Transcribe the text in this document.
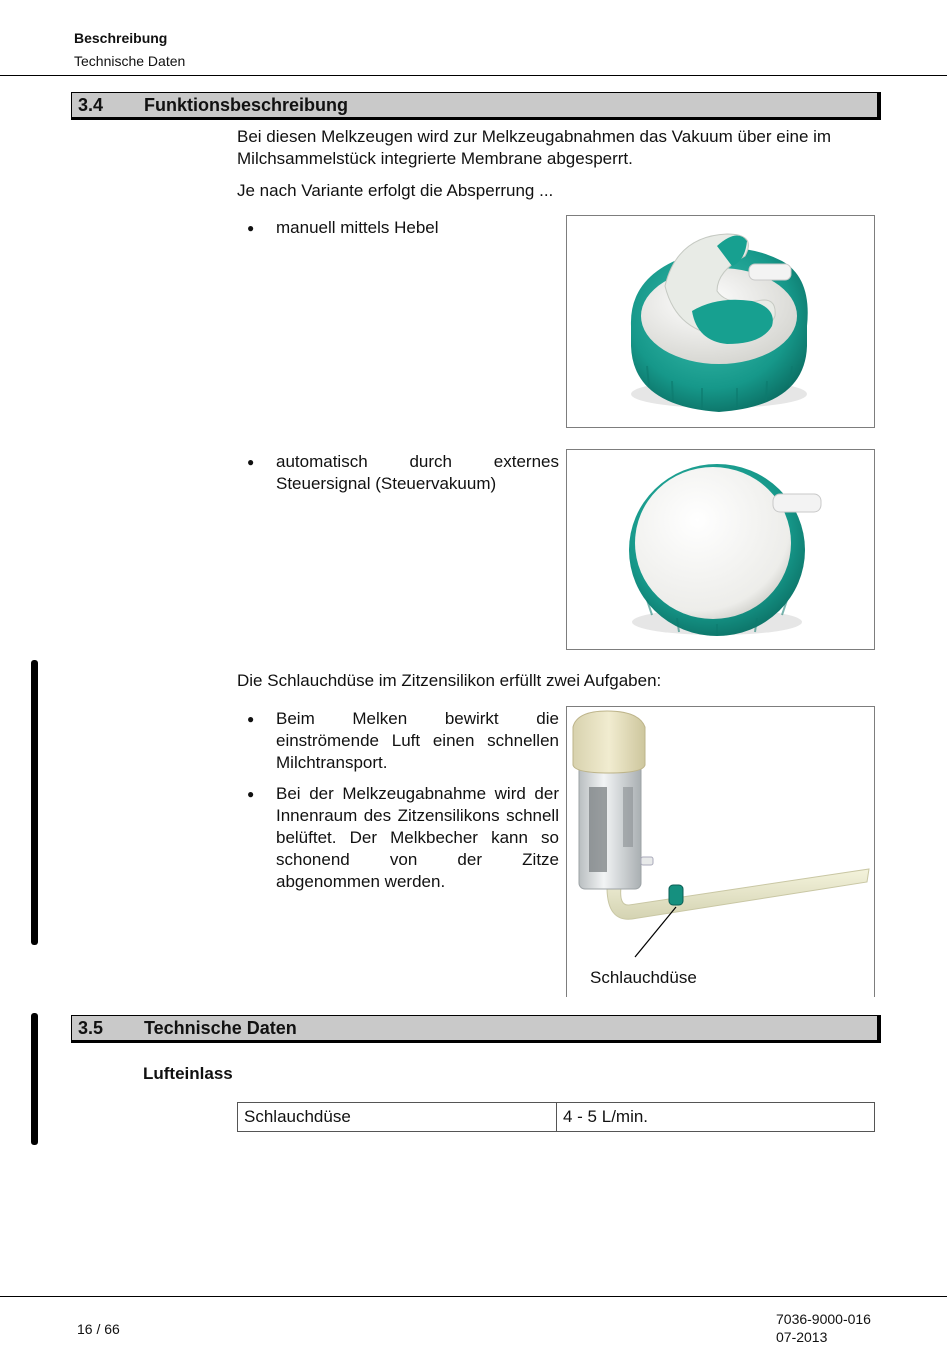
Beschreibung
Technische Daten
3.4 Funktionsbeschreibung
Bei diesen Melkzeugen wird zur Melkzeugabnahmen das Vakuum über eine im Milchsammelstück integrierte Membrane abgesperrt.
Je nach Variante erfolgt die Absperrung ...
● manuell mittels Hebel
● automatisch durch externes Steuersignal (Steuervakuum)
Die Schlauchdüse im Zitzensilikon erfüllt zwei Aufgaben:
● Beim Melken bewirkt die einströmende Luft einen schnellen Milchtransport.
● Bei der Melkzeugabnahme wird der Innenraum des Zitzensilikons schnell belüftet. Der Melkbecher kann so schonend von der Zitze abgenommen werden.
Schlauchdüse
3.5 Technische Daten
Lufteinlass
Schlauchdüse	4 - 5 L/min.
16 / 66
7036-9000-016
07-2013
